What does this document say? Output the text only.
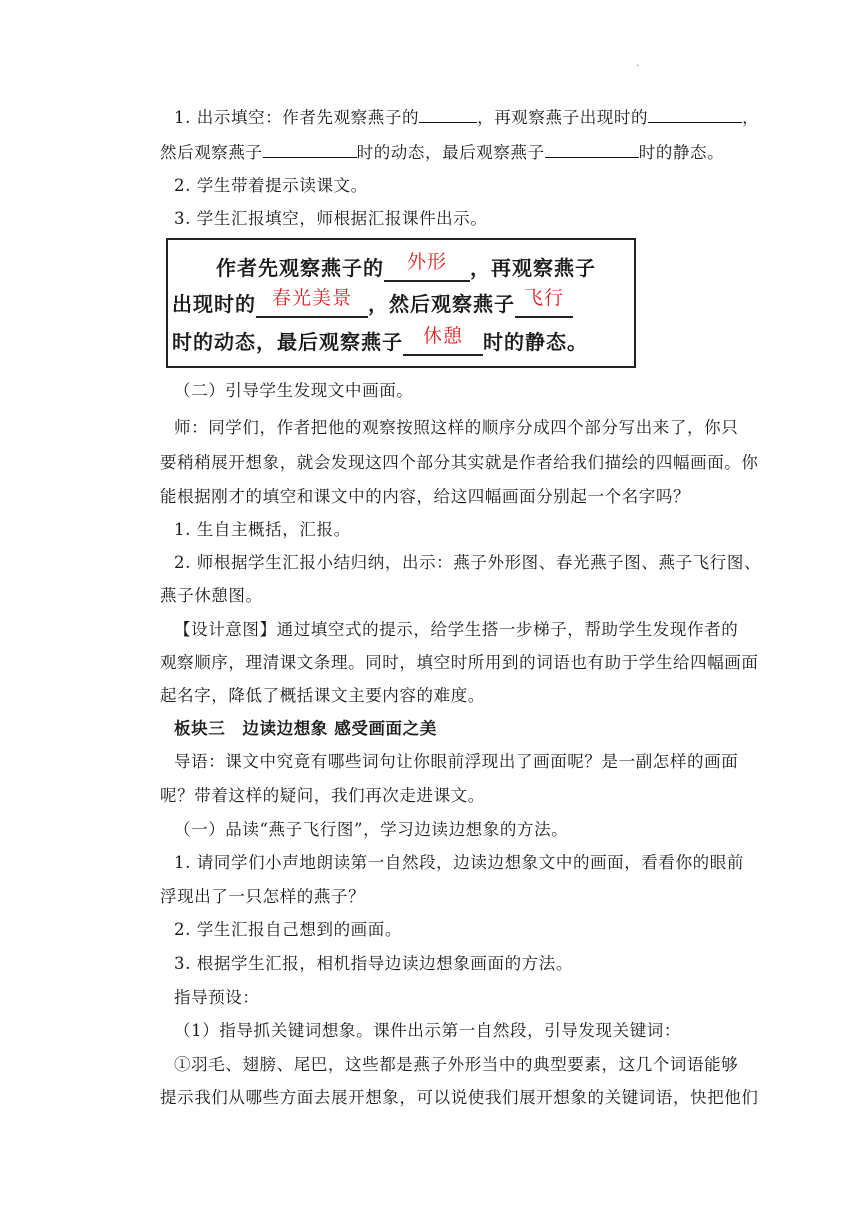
.
1. 出示填空：作者先观察燕子的	，再观察燕子出现时的	，
然后观察燕子	时的动态，最后观察燕子	时的静态。
2. 学生带着提示读课文。
3. 学生汇报填空，师根据汇报课件出示。
作者先观察燕子的	外形	，再观察燕子
出现时的 春光美景 ，然后观察燕子 飞行
时的动态，最后观察燕子	休憩	时的静态。
（二）引导学生发现文中画面。
师：同学们，作者把他的观察按照这样的顺序分成四个部分写出来了，你只
要稍稍展开想象，就会发现这四个部分其实就是作者给我们描绘的四幅画面。你
能根据刚才的填空和课文中的内容，给这四幅画面分别起一个名字吗？
1. 生自主概括，汇报。
2. 师根据学生汇报小结归纳，出示：燕子外形图、春光燕子图、燕子飞行图、
燕子休憩图。
【设计意图】通过填空式的提示，给学生搭一步梯子，帮助学生发现作者的
观察顺序，理清课文条理。同时，填空时所用到的词语也有助于学生给四幅画面
起名字，降低了概括课文主要内容的难度。
板块三　边读边想象 感受画面之美
导语：课文中究竟有哪些词句让你眼前浮现出了画面呢？是一副怎样的画面
呢？带着这样的疑问，我们再次走进课文。
（一）品读“燕子飞行图”，学习边读边想象的方法。
1. 请同学们小声地朗读第一自然段，边读边想象文中的画面，看看你的眼前
浮现出了一只怎样的燕子？
2. 学生汇报自己想到的画面。
3. 根据学生汇报，相机指导边读边想象画面的方法。
指导预设：
（1）指导抓关键词想象。课件出示第一自然段，引导发现关键词：
①羽毛、翅膀、尾巴，这些都是燕子外形当中的典型要素，这几个词语能够
提示我们从哪些方面去展开想象，可以说使我们展开想象的关键词语，快把他们
